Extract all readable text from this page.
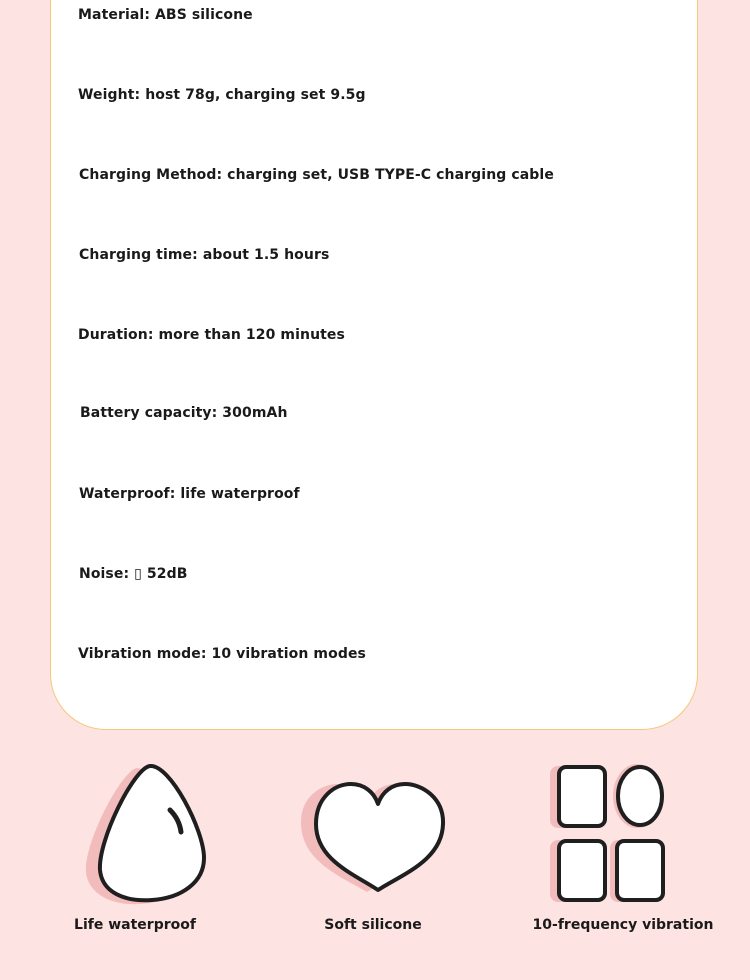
Material: ABS silicone
Weight: host 78g, charging set 9.5g
Charging Method: charging set, USB TYPE-C charging cable
Charging time: about 1.5 hours
Duration: more than 120 minutes
Battery capacity: 300mAh
Waterproof: life waterproof
Noise: ▯ 52dB
Vibration mode: 10 vibration modes
Life waterproof	Soft silicone	10-frequency vibration
